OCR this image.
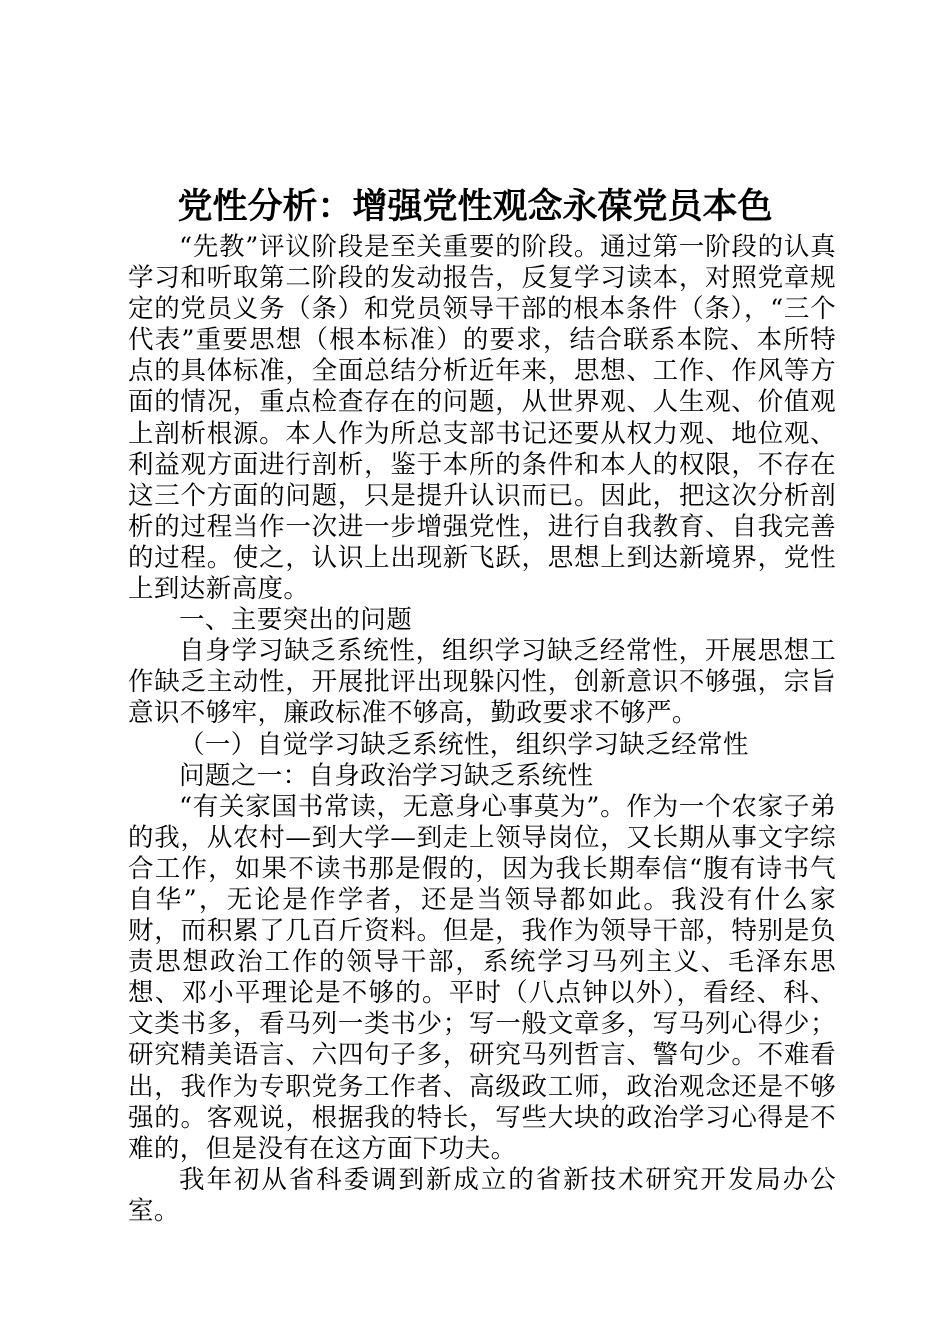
党性分析：增强党性观念永葆党员本色

“先教”评议阶段是至关重要的阶段。通过第一阶段的认真学习和听取第二阶段的发动报告，反复学习读本，对照党章规定的党员义务（条）和党员领导干部的根本条件（条），“三个代表”重要思想（根本标准）的要求，结合联系本院、本所特点的具体标准，全面总结分析近年来，思想、工作、作风等方面的情况，重点检查存在的问题，从世界观、人生观、价值观上剖析根源。本人作为所总支部书记还要从权力观、地位观、利益观方面进行剖析，鉴于本所的条件和本人的权限，不存在这三个方面的问题，只是提升认识而已。因此，把这次分析剖析的过程当作一次进一步增强党性，进行自我教育、自我完善的过程。使之，认识上出现新飞跃，思想上到达新境界，党性上到达新高度。

一、主要突出的问题

自身学习缺乏系统性，组织学习缺乏经常性，开展思想工作缺乏主动性，开展批评出现躲闪性，创新意识不够强，宗旨意识不够牢，廉政标准不够高，勤政要求不够严。

（一）自觉学习缺乏系统性，组织学习缺乏经常性

问题之一：自身政治学习缺乏系统性

“有关家国书常读，无意身心事莫为”。作为一个农家子弟的我，从农村—到大学—到走上领导岗位，又长期从事文字综合工作，如果不读书那是假的，因为我长期奉信“腹有诗书气自华”，无论是作学者，还是当领导都如此。我没有什么家财，而积累了几百斤资料。但是，我作为领导干部，特别是负责思想政治工作的领导干部，系统学习马列主义、毛泽东思想、邓小平理论是不够的。平时（八点钟以外），看经、科、文类书多，看马列一类书少；写一般文章多，写马列心得少；研究精美语言、六四句子多，研究马列哲言、警句少。不难看出，我作为专职党务工作者、高级政工师，政治观念还是不够强的。客观说，根据我的特长，写些大块的政治学习心得是不难的，但是没有在这方面下功夫。

我年初从省科委调到新成立的省新技术研究开发局办公室。
